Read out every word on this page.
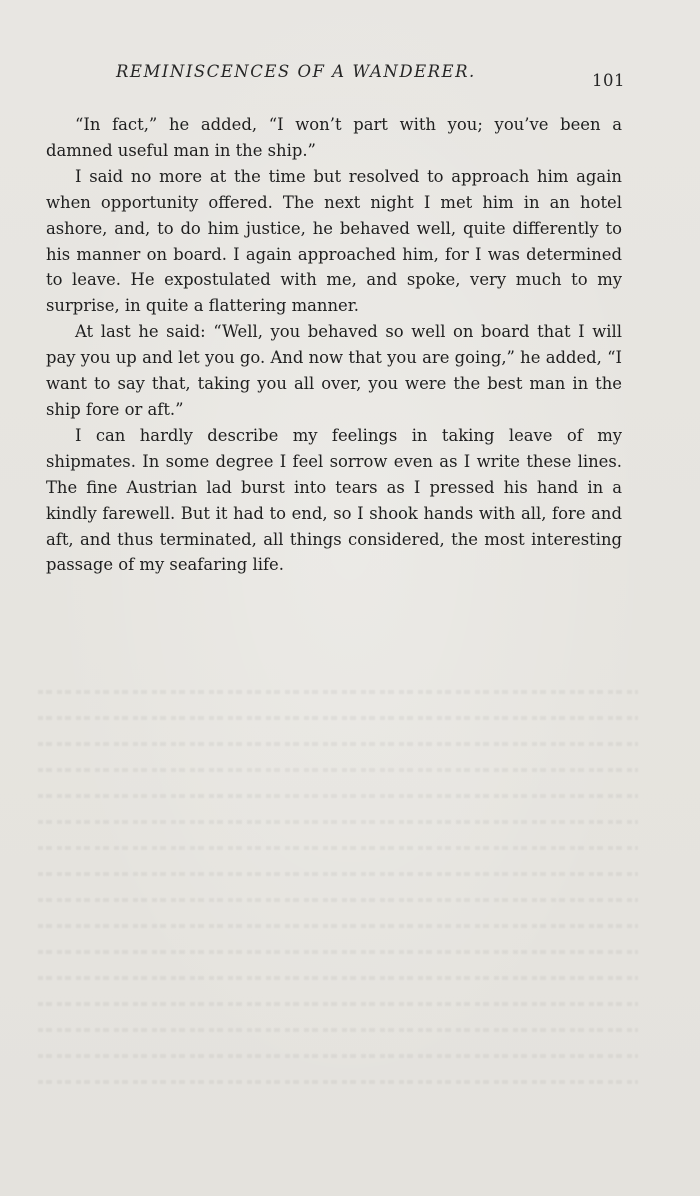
REMINISCENCES OF A WANDERER.	101

“In fact,” he added, “I won’t part with you; you’ve been a damned useful man in the ship.”

I said no more at the time but resolved to approach him again when opportunity offered. The next night I met him in an hotel ashore, and, to do him justice, he behaved well, quite differently to his manner on board. I again approached him, for I was determined to leave. He expostulated with me, and spoke, very much to my surprise, in quite a flattering manner.

At last he said: “Well, you behaved so well on board that I will pay you up and let you go. And now that you are going,” he added, “I want to say that, taking you all over, you were the best man in the ship fore or aft.”

I can hardly describe my feelings in taking leave of my shipmates. In some degree I feel sorrow even as I write these lines. The fine Austrian lad burst into tears as I pressed his hand in a kindly farewell. But it had to end, so I shook hands with all, fore and aft, and thus terminated, all things considered, the most interesting passage of my seafaring life.
